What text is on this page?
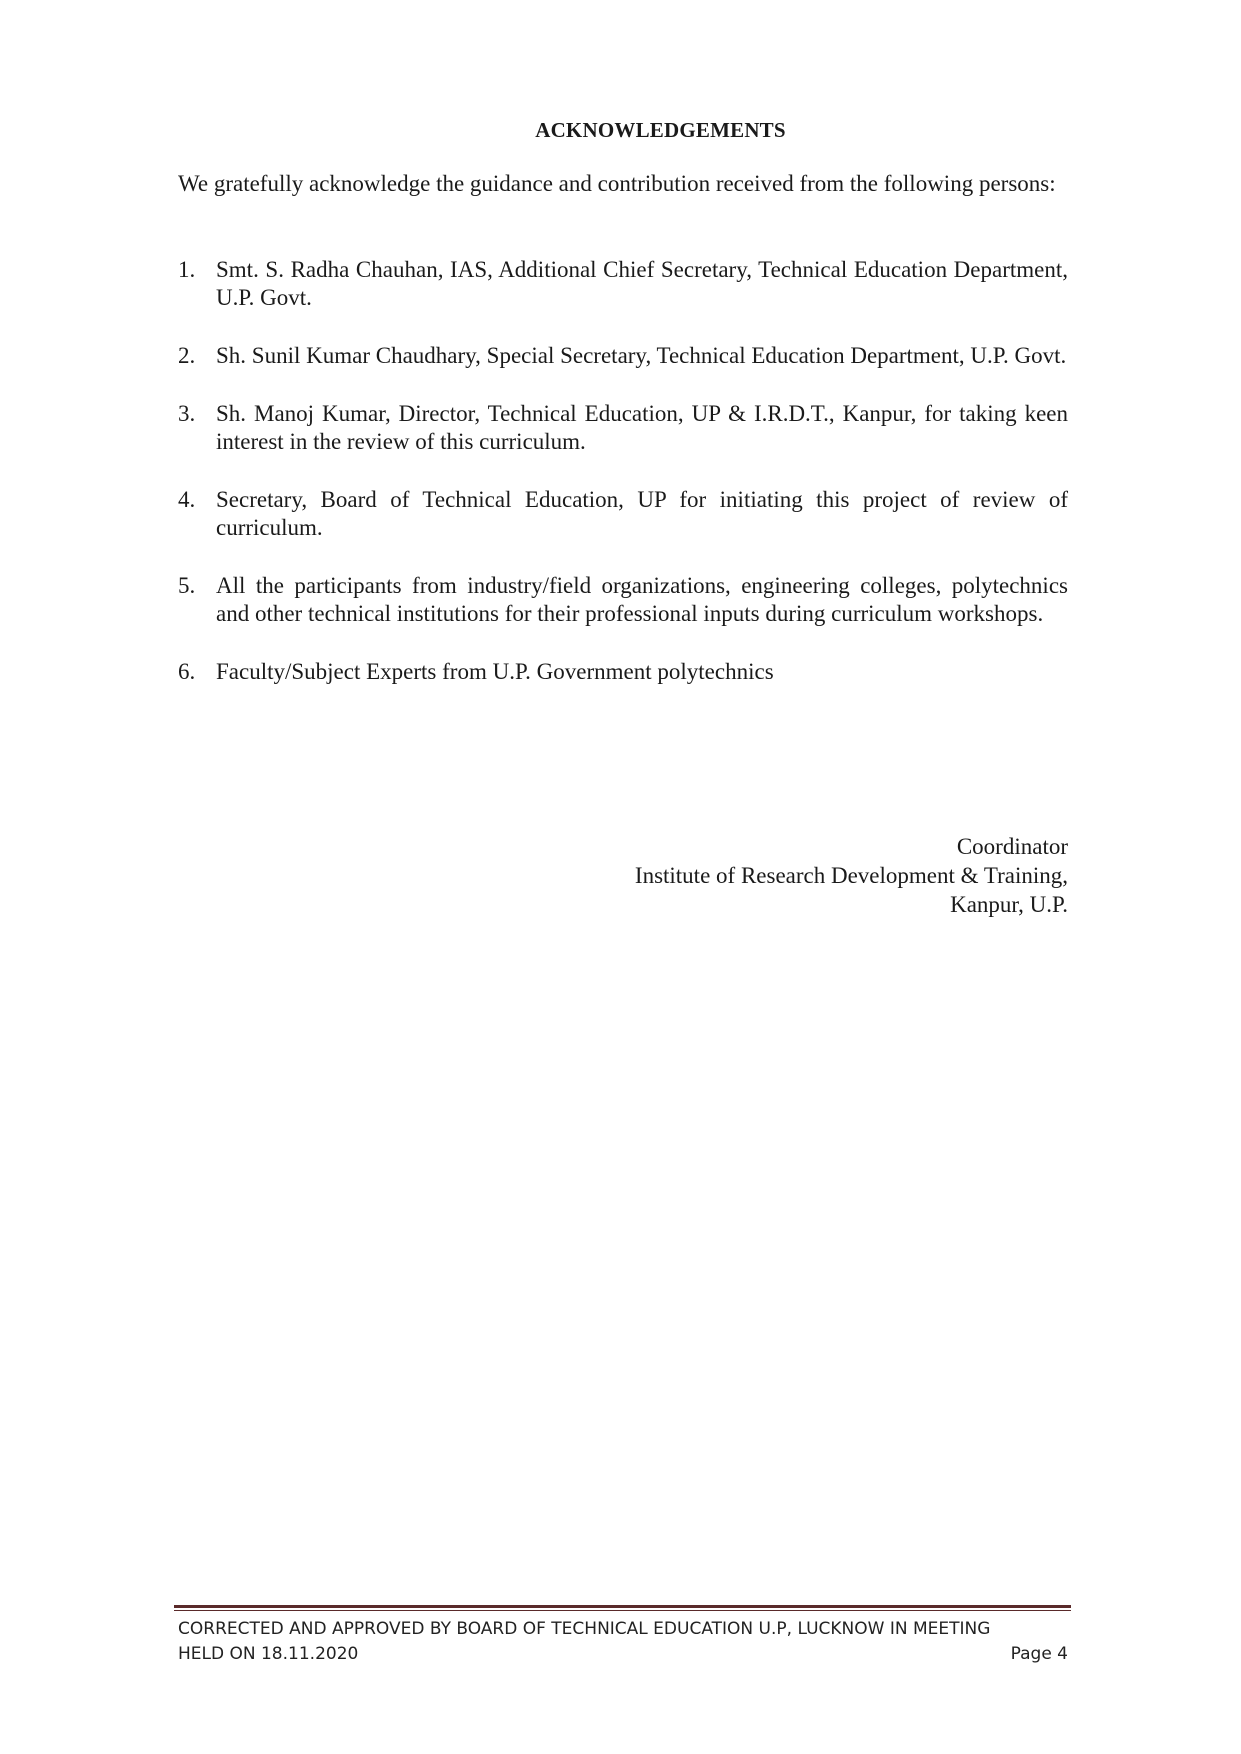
ACKNOWLEDGEMENTS

We gratefully acknowledge the guidance and contribution received from the following persons:

1. Smt. S. Radha Chauhan, IAS, Additional Chief Secretary, Technical Education Department, U.P. Govt.
2. Sh. Sunil Kumar Chaudhary, Special Secretary, Technical Education Department, U.P. Govt.
3. Sh. Manoj Kumar, Director, Technical Education, UP & I.R.D.T., Kanpur, for taking keen interest in the review of this curriculum.
4. Secretary, Board of Technical Education, UP for initiating this project of review of curriculum.
5. All the participants from industry/field organizations, engineering colleges, polytechnics and other technical institutions for their professional inputs during curriculum workshops.
6. Faculty/Subject Experts from U.P. Government polytechnics
Coordinator
Institute of Research Development & Training,
Kanpur, U.P.
CORRECTED AND APPROVED BY BOARD OF TECHNICAL EDUCATION U.P, LUCKNOW IN MEETING
HELD ON 18.11.2020	Page 4
